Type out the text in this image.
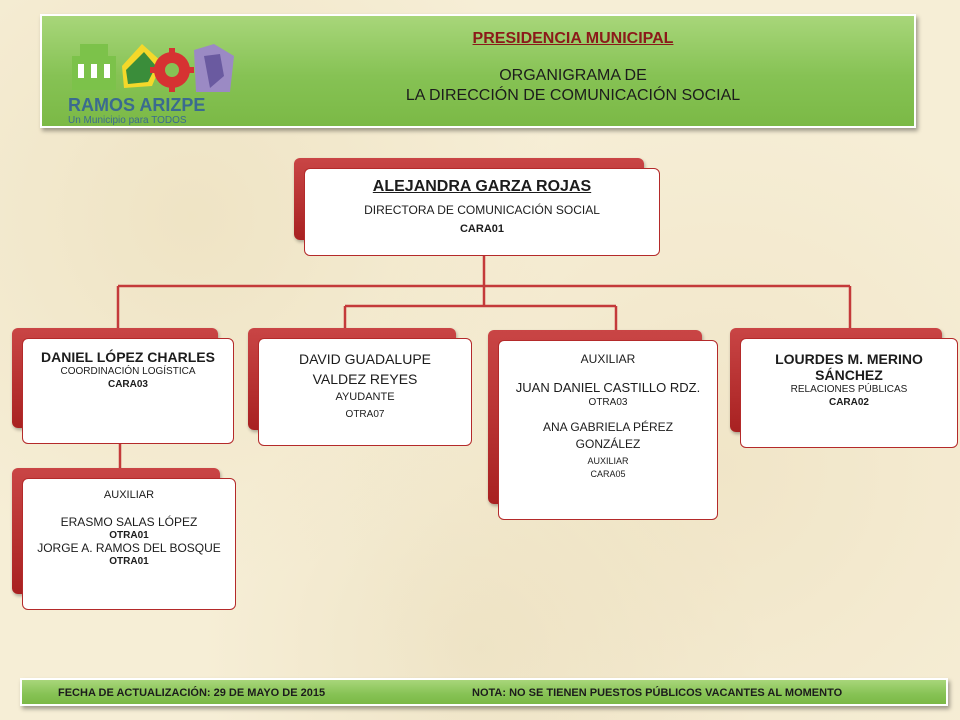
RAMOS ARIZPE
Un Municipio para TODOS
PRESIDENCIA MUNICIPAL
ORGANIGRAMA DE
LA DIRECCIÓN DE COMUNICACIÓN SOCIAL
ALEJANDRA GARZA ROJAS
DIRECTORA DE COMUNICACIÓN SOCIAL
CARA01
DANIEL LÓPEZ CHARLES
COORDINACIÓN LOGÍSTICA
CARA03
AUXILIAR
ERASMO SALAS LÓPEZ
OTRA01
JORGE A. RAMOS DEL BOSQUE
OTRA01
DAVID GUADALUPE
VALDEZ REYES
AYUDANTE
OTRA07
AUXILIAR
JUAN DANIEL CASTILLO RDZ.
OTRA03
ANA GABRIELA PÉREZ
GONZÁLEZ
AUXILIAR
CARA05
LOURDES M. MERINO SÁNCHEZ
RELACIONES PÚBLICAS
CARA02
FECHA DE ACTUALIZACIÓN: 29 DE MAYO DE 2015	NOTA: NO SE TIENEN PUESTOS PÚBLICOS VACANTES AL MOMENTO
